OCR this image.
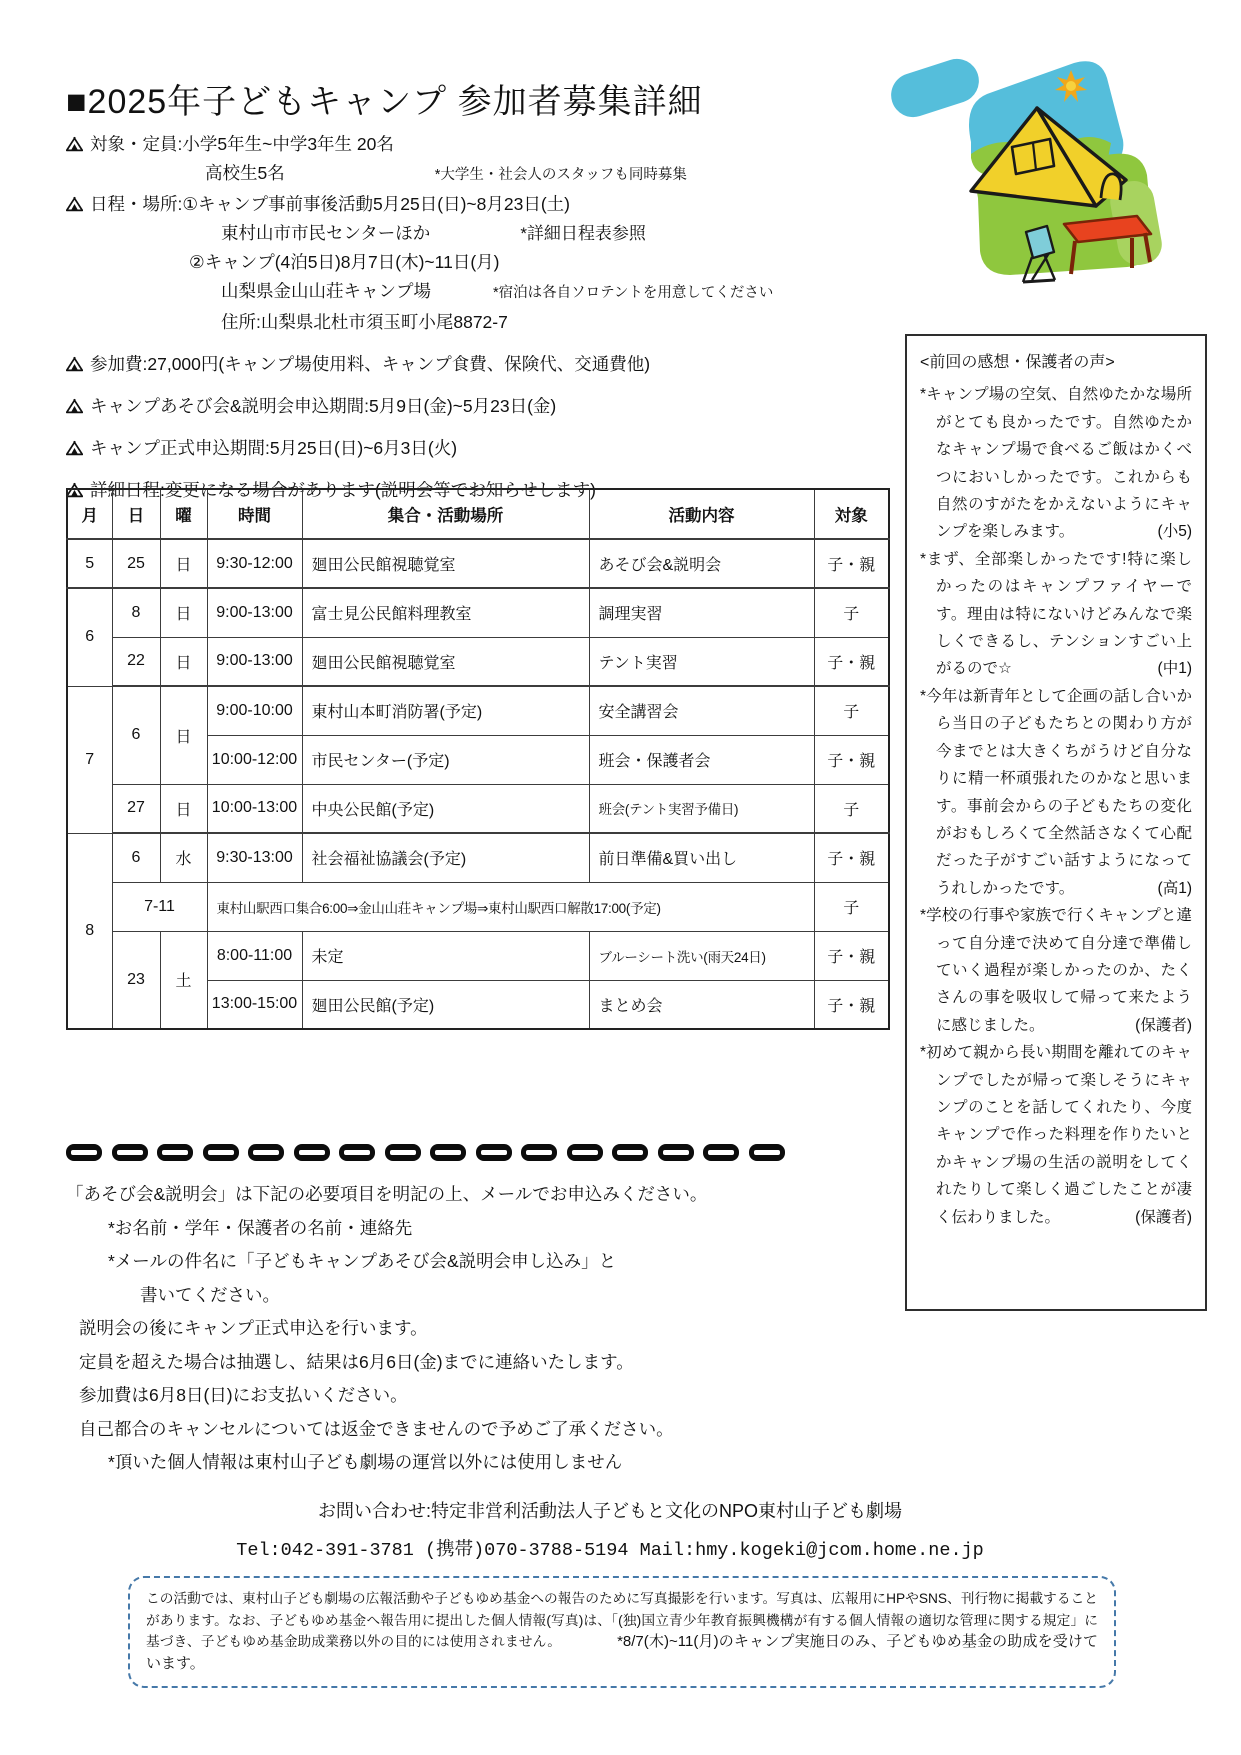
■2025年子どもキャンプ 参加者募集詳細
対象・定員:小学5年生~中学3年生 20名
高校生5名	*大学生・社会人のスタッフも同時募集
日程・場所:①キャンプ事前事後活動5月25日(日)~8月23日(土)
東村山市市民センターほか	*詳細日程表参照
②キャンプ(4泊5日)8月7日(木)~11日(月)
山梨県金山山荘キャンプ場	*宿泊は各自ソロテントを用意してください
住所:山梨県北杜市須玉町小尾8872-7
参加費:27,000円(キャンプ場使用料、キャンプ食費、保険代、交通費他)
キャンプあそび会&説明会申込期間:5月9日(金)~5月23日(金)
キャンプ正式申込期間:5月25日(日)~6月3日(火)
詳細日程:変更になる場合があります(説明会等でお知らせします)
月	日	曜	時間	集合・活動場所	活動内容	対象
5	25	日	9:30-12:00	廻田公民館視聴覚室	あそび会&説明会	子・親
6	8	日	9:00-13:00	富士見公民館料理教室	調理実習	子
	22	日	9:00-13:00	廻田公民館視聴覚室	テント実習	子・親
7	6	日	9:00-10:00	東村山本町消防署(予定)	安全講習会	子
			10:00-12:00	市民センター(予定)	班会・保護者会	子・親
	27	日	10:00-13:00	中央公民館(予定)	班会(テント実習予備日)	子
8	6	水	9:30-13:00	社会福祉協議会(予定)	前日準備&買い出し	子・親
	7-11		東村山駅西口集合6:00⇒金山山荘キャンプ場⇒東村山駅西口解散17:00(予定)			子
	23	土	8:00-11:00	未定	ブルーシート洗い(雨天24日)	子・親
			13:00-15:00	廻田公民館(予定)	まとめ会	子・親
<前回の感想・保護者の声>
*キャンプ場の空気、自然ゆたかな場所がとても良かったです。自然ゆたかなキャンプ場で食べるご飯はかくべつにおいしかったです。これからも自然のすがたをかえないようにキャンプを楽しみます。	(小5)
*まず、全部楽しかったです!特に楽しかったのはキャンプファイヤーです。理由は特にないけどみんなで楽しくできるし、テンションすごい上がるので☆	(中1)
*今年は新青年として企画の話し合いから当日の子どもたちとの関わり方が今までとは大きくちがうけど自分なりに精一杯頑張れたのかなと思います。事前会からの子どもたちの変化がおもしろくて全然話さなくて心配だった子がすごい話すようになってうれしかったです。	(高1)
*学校の行事や家族で行くキャンプと違って自分達で決めて自分達で準備していく過程が楽しかったのか、たくさんの事を吸収して帰って来たように感じました。	(保護者)
*初めて親から長い期間を離れてのキャンプでしたが帰って楽しそうにキャンプのことを話してくれたり、今度キャンプで作った料理を作りたいとかキャンプ場の生活の説明をしてくれたりして楽しく過ごしたことが凄く伝わりました。	(保護者)
「あそび会&説明会」は下記の必要項目を明記の上、メールでお申込みください。
*お名前・学年・保護者の名前・連絡先
*メールの件名に「子どもキャンプあそび会&説明会申し込み」と
書いてください。
説明会の後にキャンプ正式申込を行います。
定員を超えた場合は抽選し、結果は6月6日(金)までに連絡いたします。
参加費は6月8日(日)にお支払いください。
自己都合のキャンセルについては返金できませんので予めご了承ください。
*頂いた個人情報は東村山子ども劇場の運営以外には使用しません
お問い合わせ:特定非営利活動法人子どもと文化のNPO東村山子ども劇場
Tel:042-391-3781 (携帯)070-3788-5194 Mail:hmy.kogeki@jcom.home.ne.jp
この活動では、東村山子ども劇場の広報活動や子どもゆめ基金への報告のために写真撮影を行います。写真は、広報用にHPやSNS、刊行物に掲載することがあります。なお、子どもゆめ基金へ報告用に提出した個人情報(写真)は、「(独)国立青少年教育振興機構が有する個人情報の適切な管理に関する規定」に基づき、子どもゆめ基金助成業務以外の目的には使用されません。	*8/7(木)~11(月)のキャンプ実施日のみ、子どもゆめ基金の助成を受けています。
